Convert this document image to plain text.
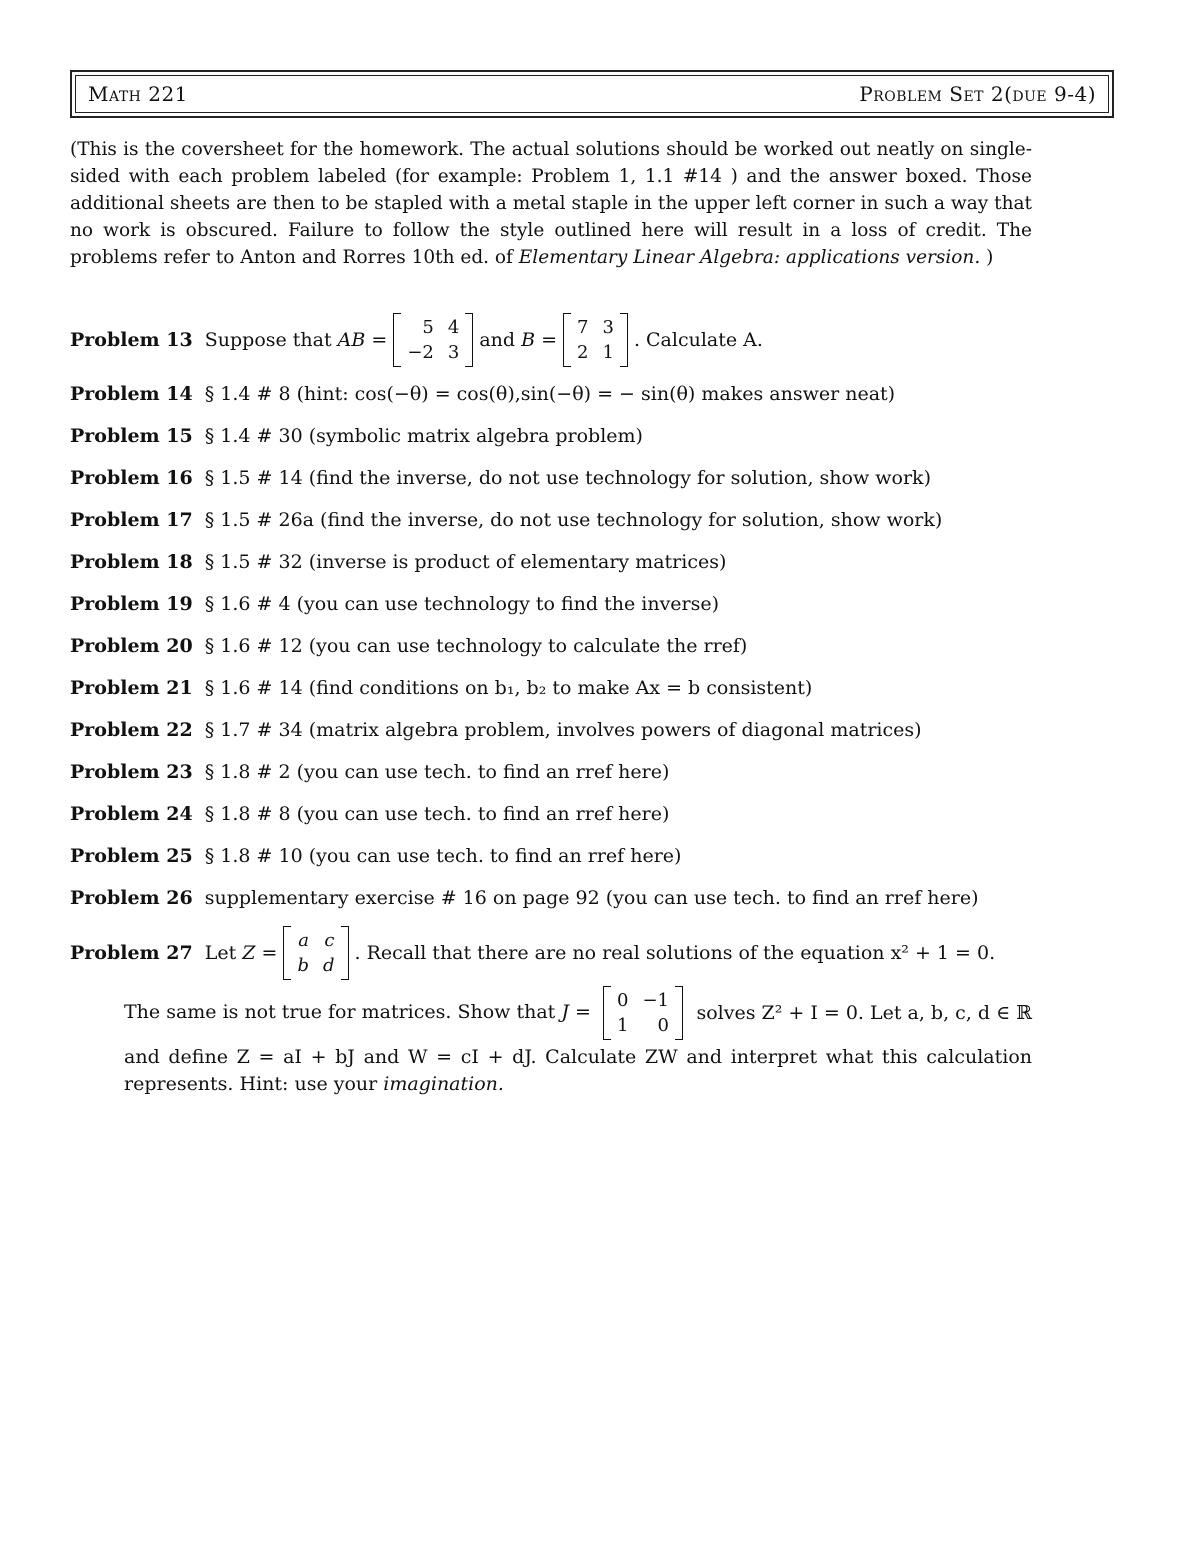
Math 221	Problem Set 2(due 9-4)
(This is the coversheet for the homework. The actual solutions should be worked out neatly on single-sided with each problem labeled (for example: Problem 1, 1.1 #14 ) and the answer boxed. Those additional sheets are then to be stapled with a metal staple in the upper left corner in such a way that no work is obscured. Failure to follow the style outlined here will result in a loss of credit. The problems refer to Anton and Rorres 10th ed. of Elementary Linear Algebra: applications version. )
Problem 13 Suppose that
AB =
5 4
−2 3
and
B =
7 3
2 1
. Calculate A.
Problem 14 § 1.4 # 8 (hint: cos(−θ) = cos(θ),sin(−θ) = − sin(θ) makes answer neat)
Problem 15 § 1.4 # 30 (symbolic matrix algebra problem)
Problem 16 § 1.5 # 14 (find the inverse, do not use technology for solution, show work)
Problem 17 § 1.5 # 26a (find the inverse, do not use technology for solution, show work)
Problem 18 § 1.5 # 32 (inverse is product of elementary matrices)
Problem 19 § 1.6 # 4 (you can use technology to find the inverse)
Problem 20 § 1.6 # 12 (you can use technology to calculate the rref)
Problem 21 § 1.6 # 14 (find conditions on b₁, b₂ to make Ax = b consistent)
Problem 22 § 1.7 # 34 (matrix algebra problem, involves powers of diagonal matrices)
Problem 23 § 1.8 # 2 (you can use tech. to find an rref here)
Problem 24 § 1.8 # 8 (you can use tech. to find an rref here)
Problem 25 § 1.8 # 10 (you can use tech. to find an rref here)
Problem 26 supplementary exercise # 16 on page 92 (you can use tech. to find an rref here)
Problem 27 Let
Z =
a c
b d
. Recall that there are no real solutions of the equation x² + 1 = 0.
The same is not true for matrices. Show that J =
0 −1
1	0
solves Z² + I = 0. Let a, b, c, d ∈ ℝ
and define Z = aI + bJ and W = cI + dJ. Calculate ZW and interpret what this calculation represents. Hint: use your imagination.
